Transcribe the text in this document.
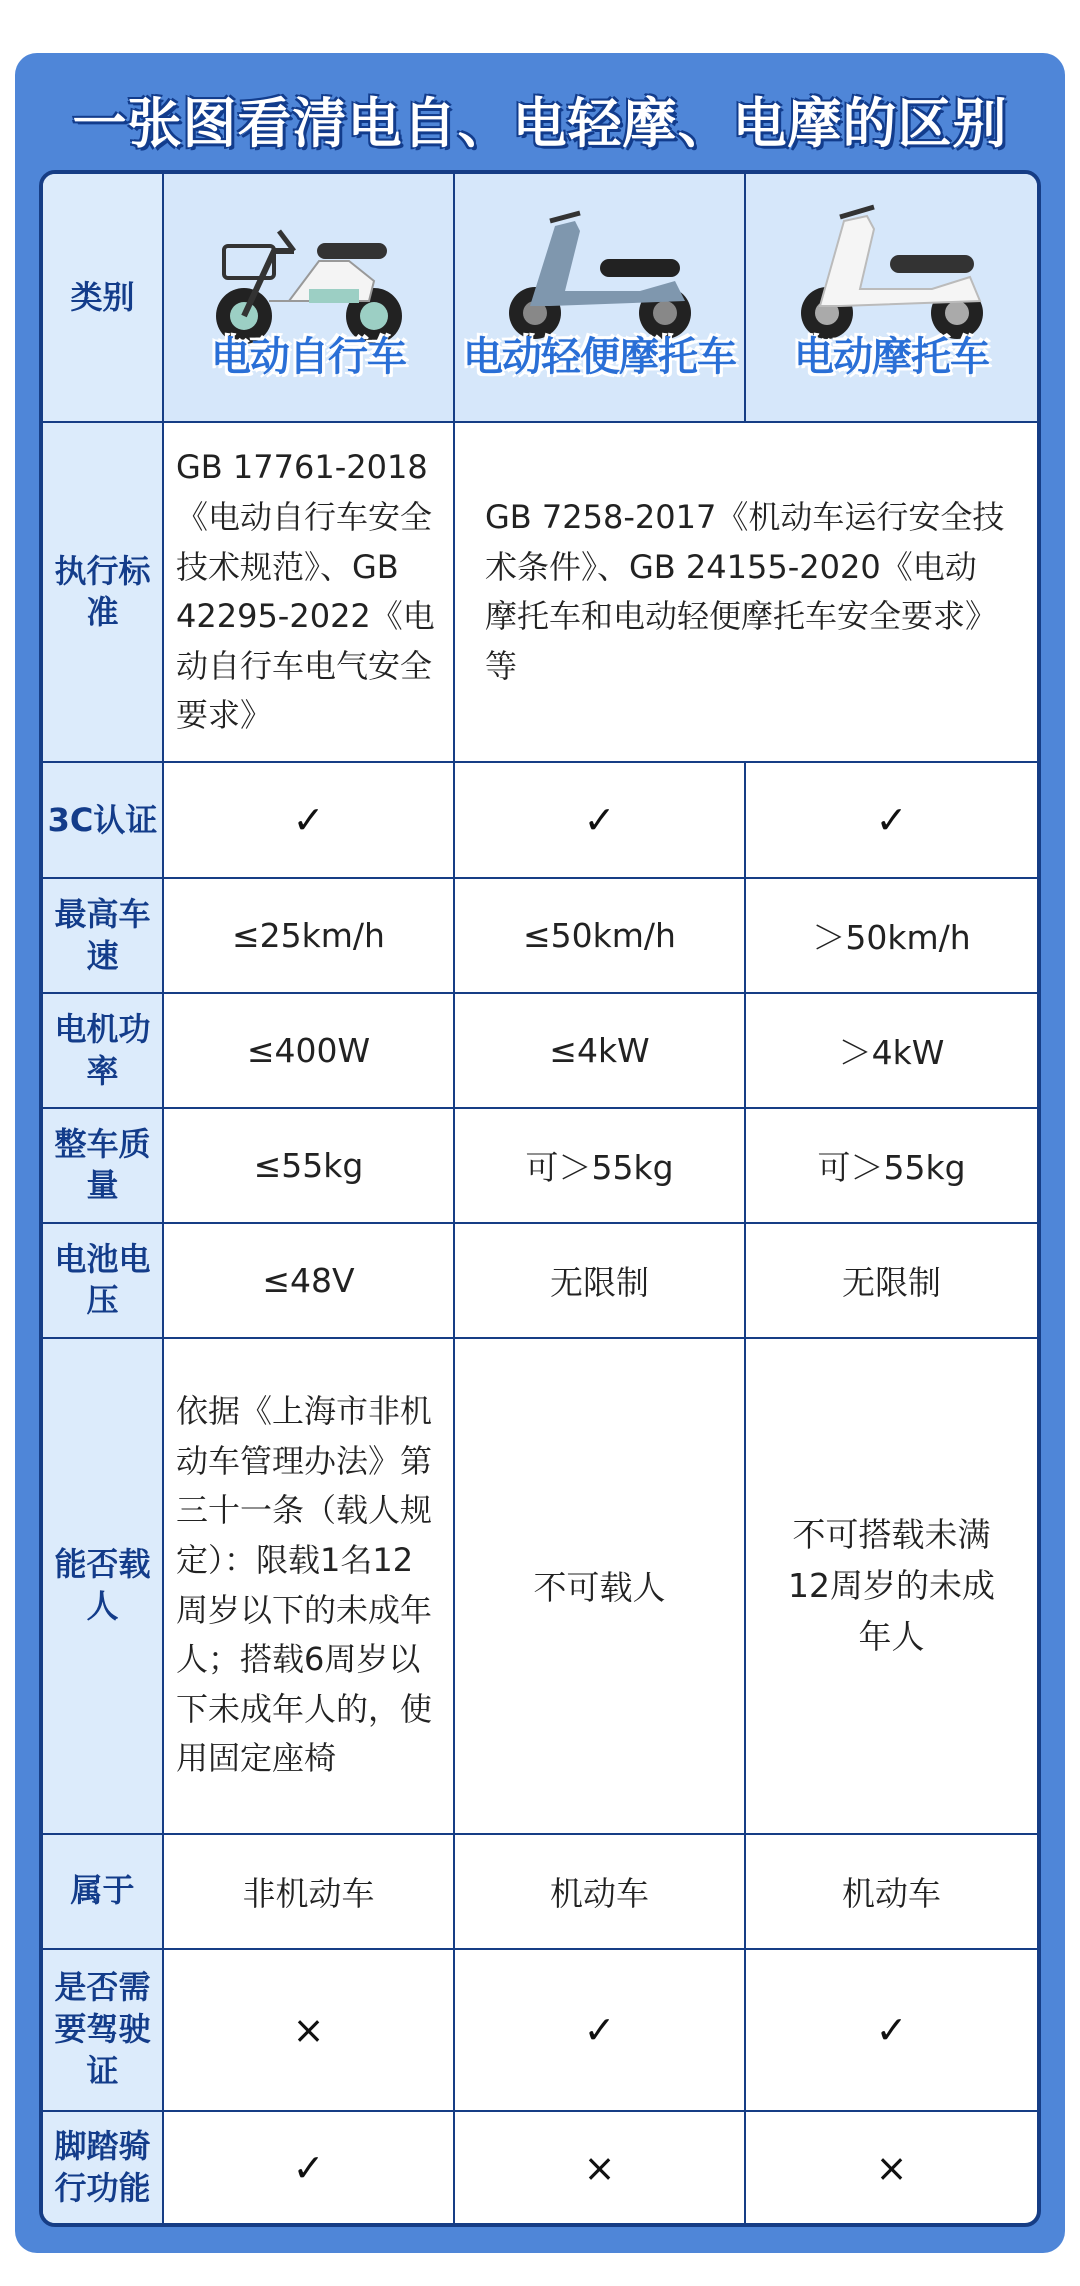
一张图看清电自、电轻摩、电摩的区别
类别	电动自行车	电动轻便摩托车	电动摩托车

执行标准	GB 17761-2018《电动自行车安全技术规范》、GB 42295-2022《电动自行车电气安全要求》	GB 7258-2017《机动车运行安全技术条件》、GB 24155-2020《电动摩托车和电动轻便摩托车安全要求》等	

3C认证	✓	✓	✓

最高车速	≤25km/h	≤50km/h	＞50km/h

电机功率	≤400W	≤4kW	＞4kW

整车质量	≤55kg	可＞55kg	可＞55kg

电池电压	≤48V	无限制	无限制

能否载人	依据《上海市非机动车管理办法》第三十一条（载人规定）：限载1名12周岁以下的未成年人；搭载6周岁以下未成年人的，使用固定座椅	不可载人	不可搭载未满12周岁的未成年人

属于	非机动车	机动车	机动车

是否需要驾驶证	×	✓	✓

脚踏骑行功能	✓	×	×
